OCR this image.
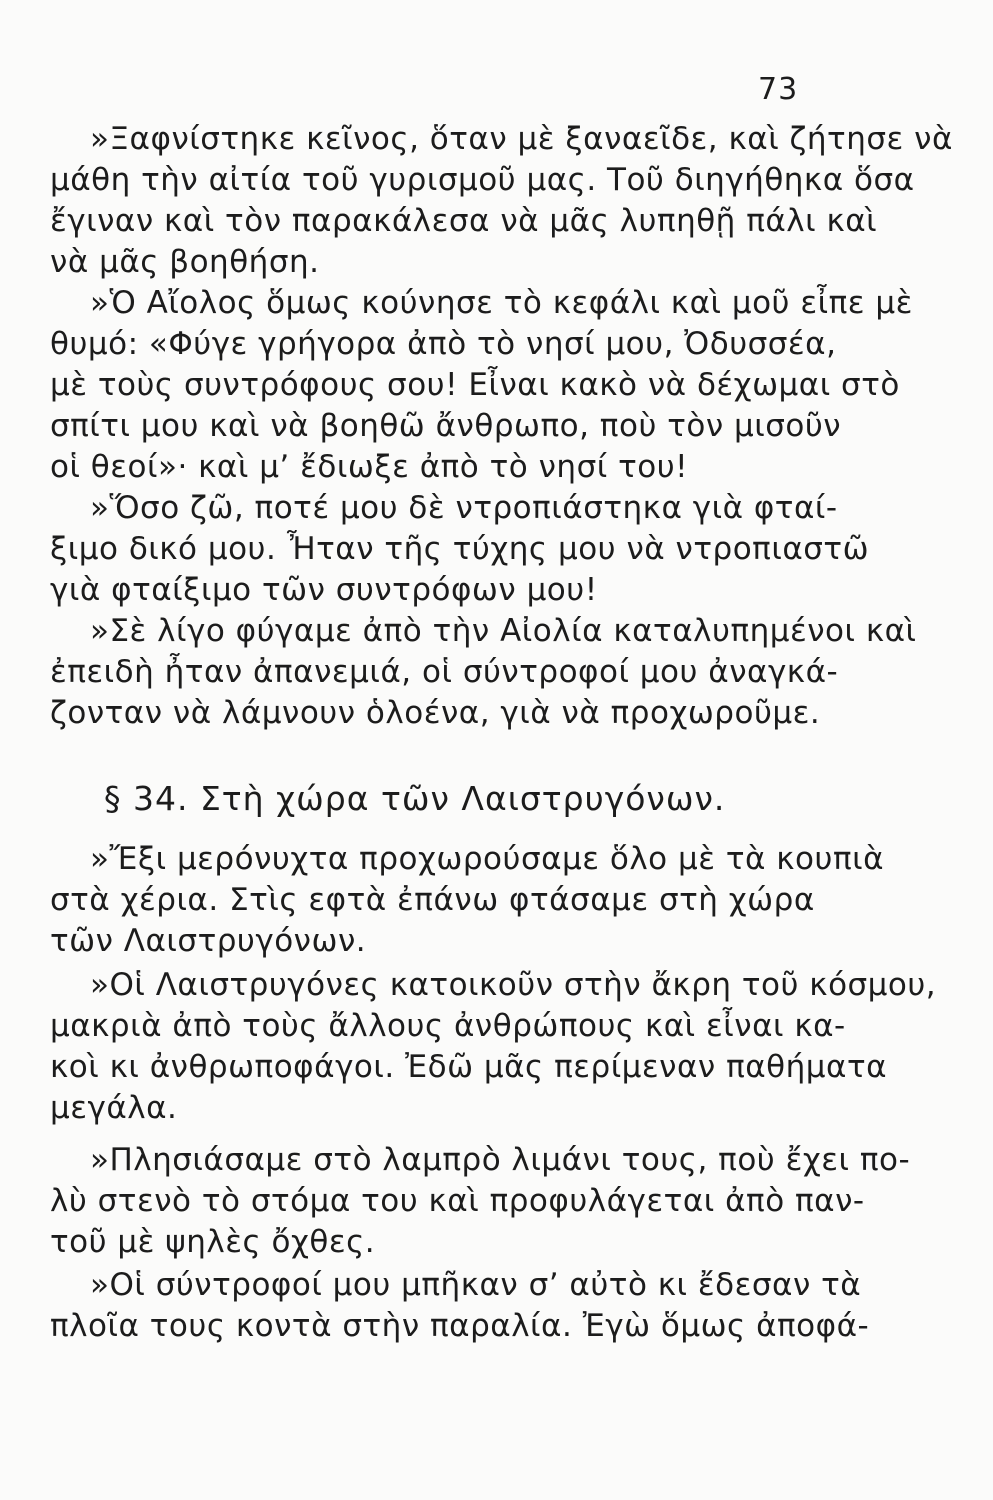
73
»Ξαφνίστηκε κεῖνος, ὅταν μὲ ξαναεῖδε, καὶ ζήτησε νὰ
μάθη τὴν αἰτία τοῦ γυρισμοῦ μας. Τοῦ διηγήθηκα ὅσα
ἔγιναν καὶ τὸν παρακάλεσα νὰ μᾶς λυπηθῇ πάλι καὶ
νὰ μᾶς βοηθήση.
»Ὁ Αἴολος ὅμως κούνησε τὸ κεφάλι καὶ μοῦ εἶπε μὲ
θυμό: «Φύγε γρήγορα ἀπὸ τὸ νησί μου, Ὀδυσσέα,
μὲ τοὺς συντρόφους σου! Εἶναι κακὸ νὰ δέχωμαι στὸ
σπίτι μου καὶ νὰ βοηθῶ ἄνθρωπο, ποὺ τὸν μισοῦν
οἱ θεοί»· καὶ μ’ ἔδιωξε ἀπὸ τὸ νησί του!
»Ὅσο ζῶ, ποτέ μου δὲ ντροπιάστηκα γιὰ φταί-
ξιμο δικό μου. Ἦταν τῆς τύχης μου νὰ ντροπιαστῶ
γιὰ φταίξιμο τῶν συντρόφων μου!
»Σὲ λίγο φύγαμε ἀπὸ τὴν Αἰολία καταλυπημένοι καὶ
ἐπειδὴ ἦταν ἀπανεμιά, οἱ σύντροφοί μου ἀναγκά-
ζονταν νὰ λάμνουν ὁλοένα, γιὰ νὰ προχωροῦμε.
§ 34. Στὴ χώρα τῶν Λαιστρυγόνων.
»Ἔξι μερόνυχτα προχωρούσαμε ὅλο μὲ τὰ κουπιὰ
στὰ χέρια. Στὶς εφτὰ ἐπάνω φτάσαμε στὴ χώρα
τῶν Λαιστρυγόνων.
»Οἱ Λαιστρυγόνες κατοικοῦν στὴν ἄκρη τοῦ κόσμου,
μακριὰ ἀπὸ τοὺς ἄλλους ἀνθρώπους καὶ εἶναι κα-
κοὶ κι ἀνθρωποφάγοι. Ἐδῶ μᾶς περίμεναν παθήματα
μεγάλα.
»Πλησιάσαμε στὸ λαμπρὸ λιμάνι τους, ποὺ ἔχει πο-
λὺ στενὸ τὸ στόμα του καὶ προφυλάγεται ἀπὸ παν-
τοῦ μὲ ψηλὲς ὄχθες.
»Οἱ σύντροφοί μου μπῆκαν σ’ αὐτὸ κι ἔδεσαν τὰ
πλοῖα τους κοντὰ στὴν παραλία. Ἐγὼ ὅμως ἀποφά-
